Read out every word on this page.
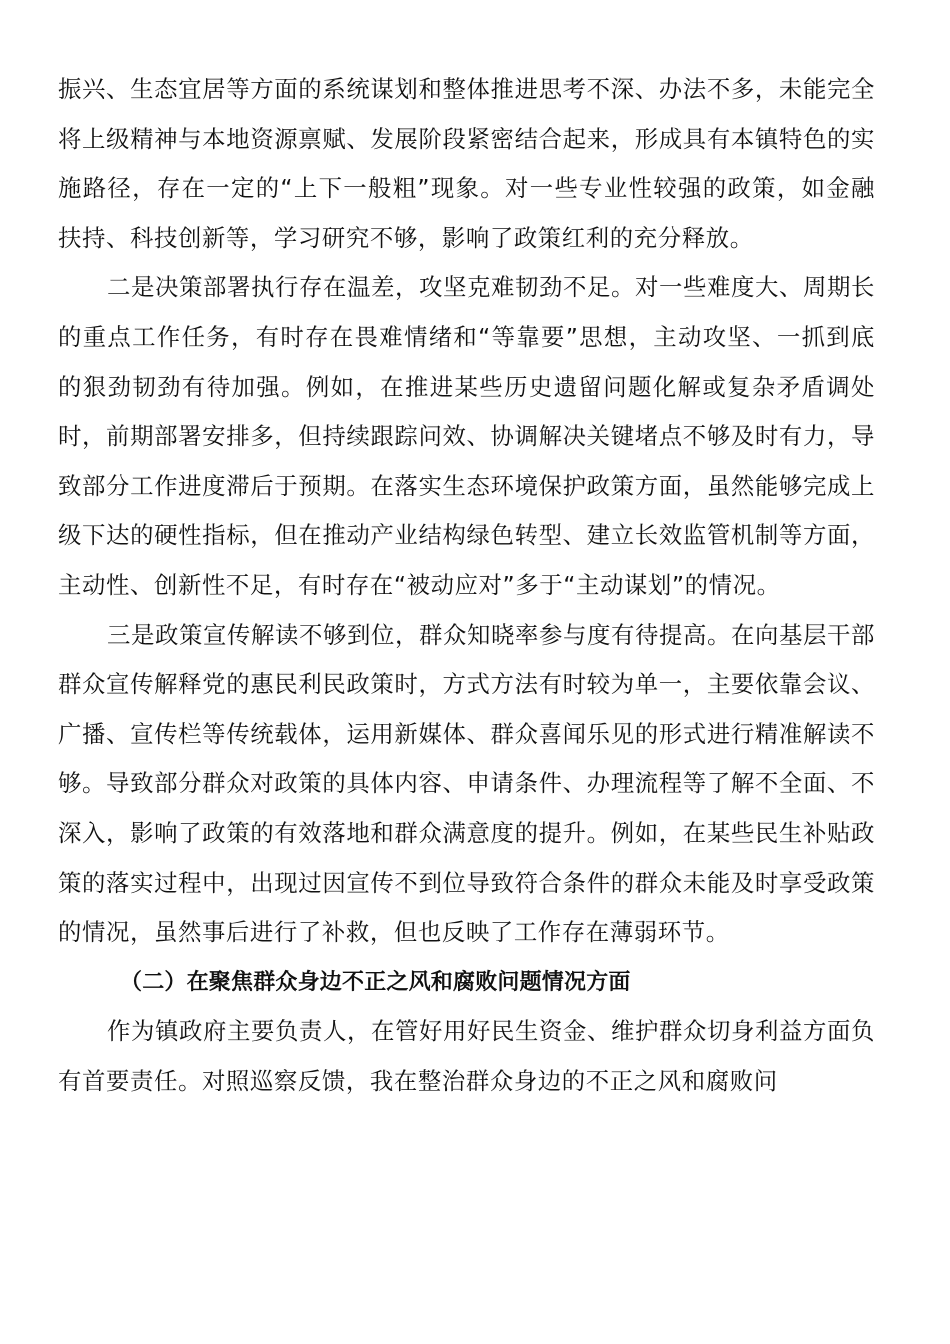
振兴、生态宜居等方面的系统谋划和整体推进思考不深、办法不多，未能完全将上级精神与本地资源禀赋、发展阶段紧密结合起来，形成具有本镇特色的实施路径，存在一定的“上下一般粗”现象。对一些专业性较强的政策，如金融扶持、科技创新等，学习研究不够，影响了政策红利的充分释放。

二是决策部署执行存在温差，攻坚克难韧劲不足。对一些难度大、周期长的重点工作任务，有时存在畏难情绪和“等靠要”思想，主动攻坚、一抓到底的狠劲韧劲有待加强。例如，在推进某些历史遗留问题化解或复杂矛盾调处时，前期部署安排多，但持续跟踪问效、协调解决关键堵点不够及时有力，导致部分工作进度滞后于预期。在落实生态环境保护政策方面，虽然能够完成上级下达的硬性指标，但在推动产业结构绿色转型、建立长效监管机制等方面，主动性、创新性不足，有时存在“被动应对”多于“主动谋划”的情况。

三是政策宣传解读不够到位，群众知晓率参与度有待提高。在向基层干部群众宣传解释党的惠民利民政策时，方式方法有时较为单一，主要依靠会议、广播、宣传栏等传统载体，运用新媒体、群众喜闻乐见的形式进行精准解读不够。导致部分群众对政策的具体内容、申请条件、办理流程等了解不全面、不深入，影响了政策的有效落地和群众满意度的提升。例如，在某些民生补贴政策的落实过程中，出现过因宣传不到位导致符合条件的群众未能及时享受政策的情况，虽然事后进行了补救，但也反映了工作存在薄弱环节。

（二）在聚焦群众身边不正之风和腐败问题情况方面

作为镇政府主要负责人，在管好用好民生资金、维护群众切身利益方面负有首要责任。对照巡察反馈，我在整治群众身边的不正之风和腐败问
